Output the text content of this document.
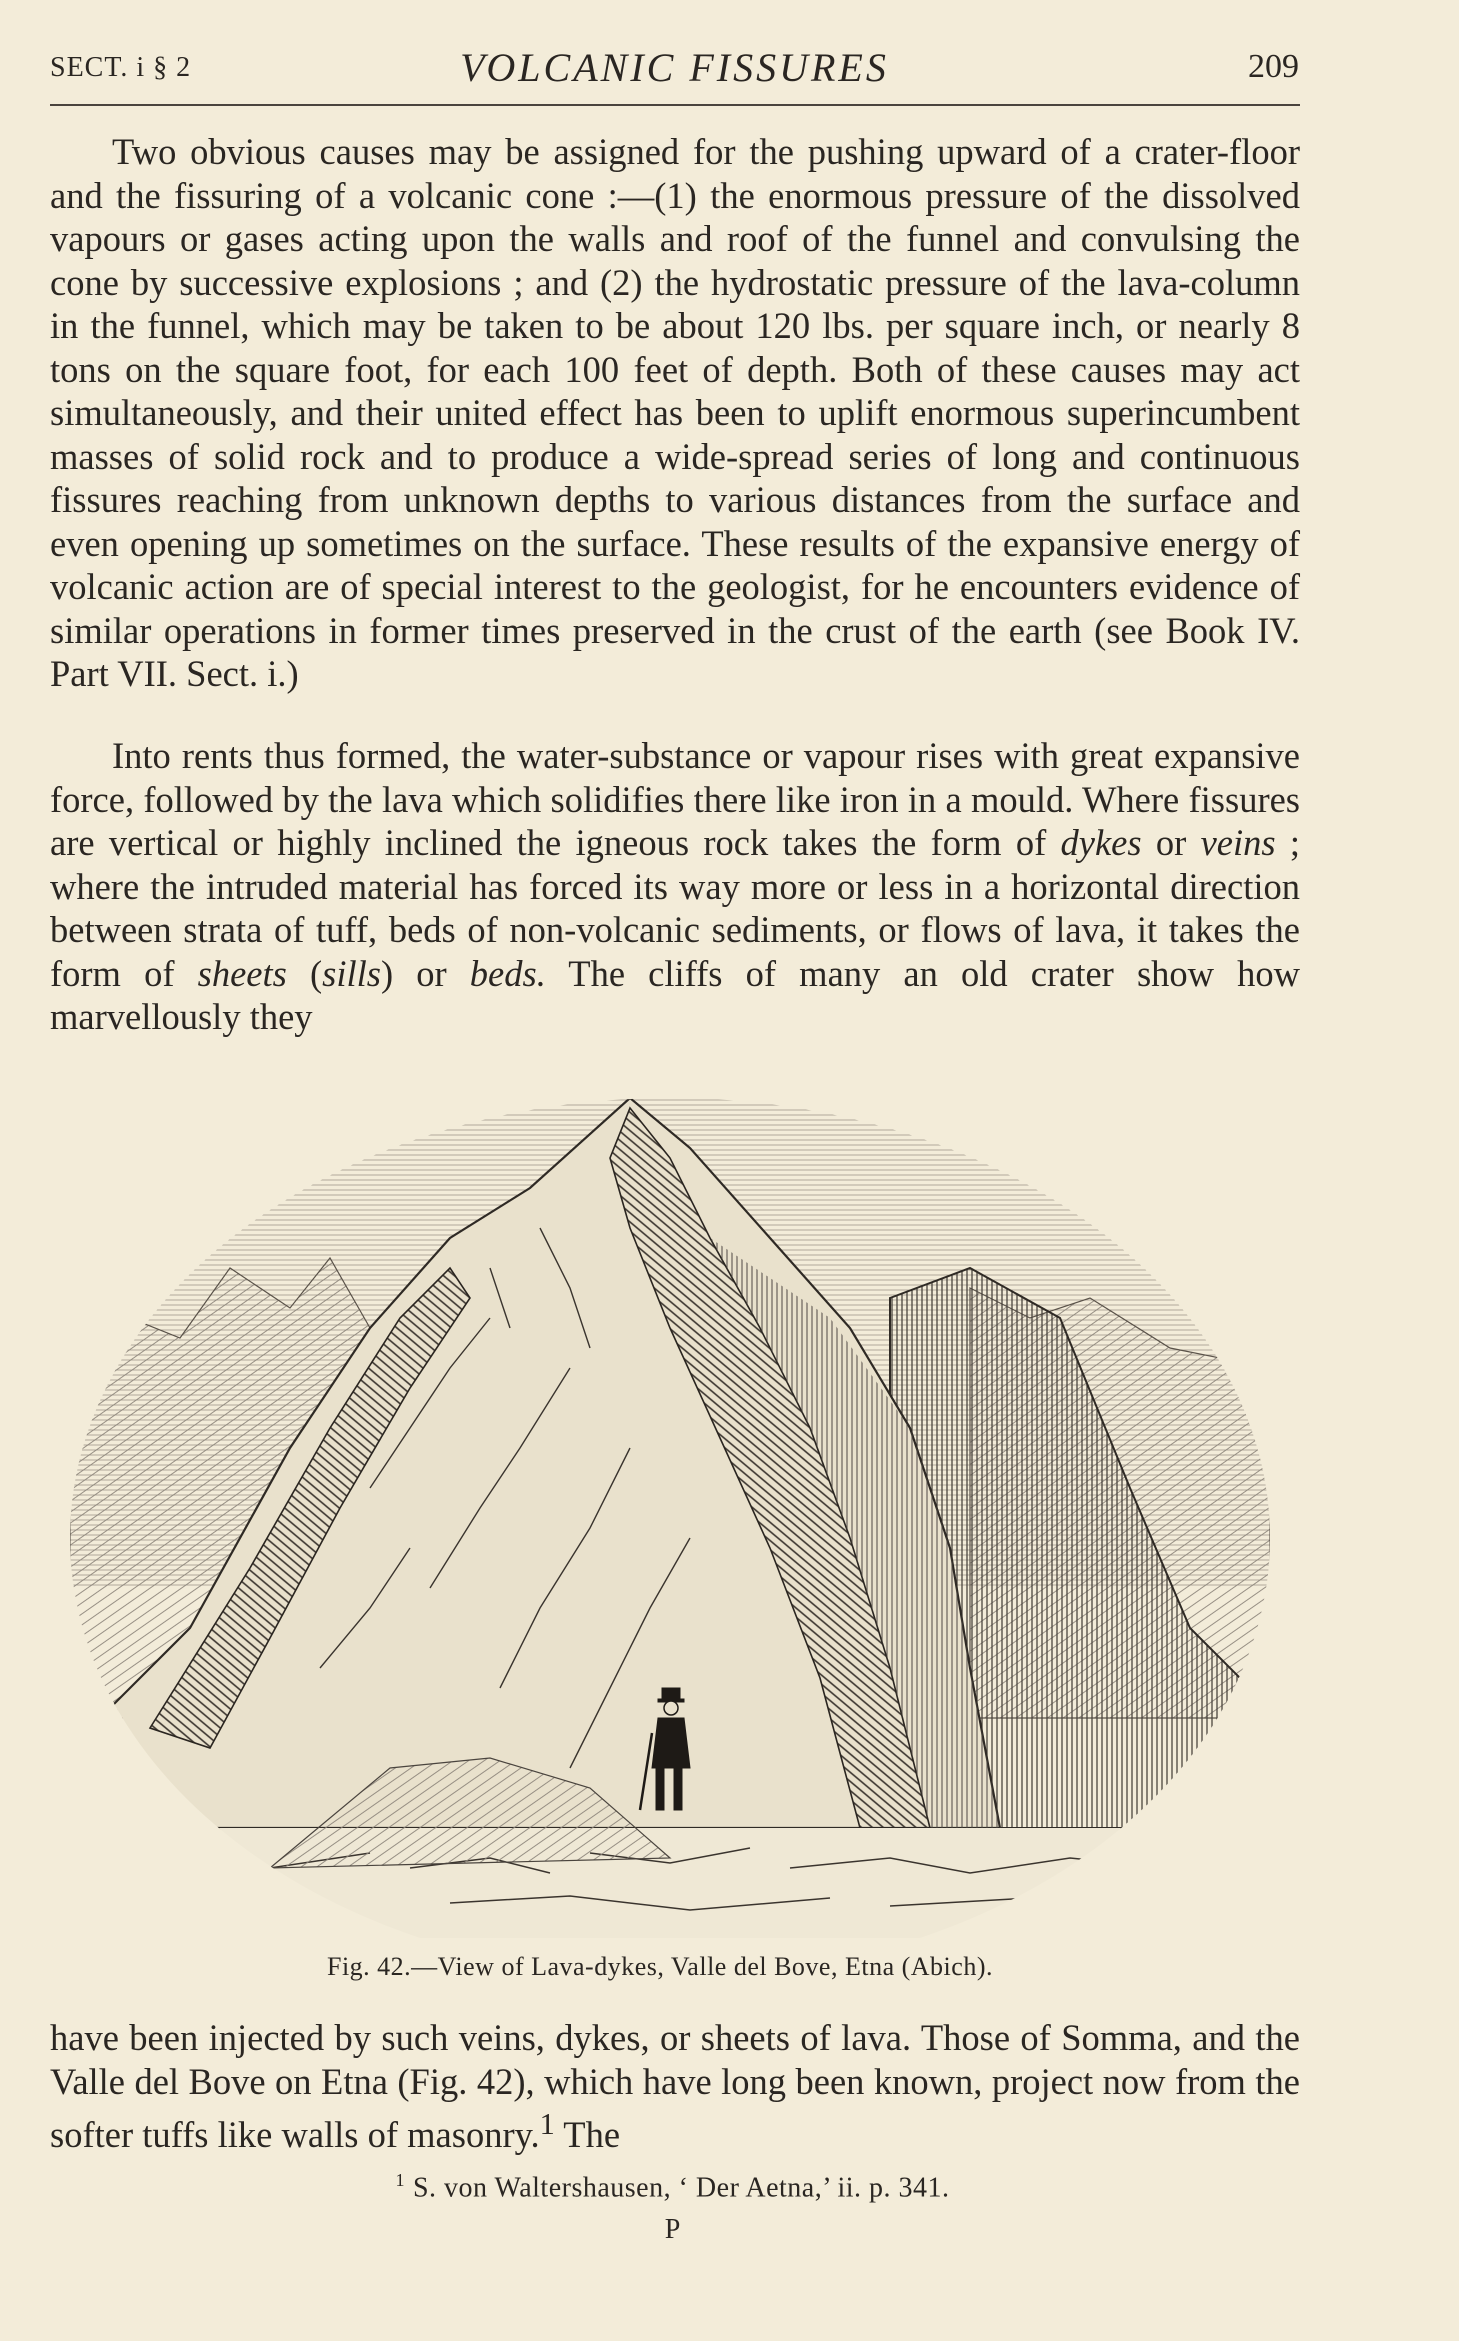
SECT. i § 2	VOLCANIC FISSURES	209

Two obvious causes may be assigned for the pushing upward of a crater-floor and the fissuring of a volcanic cone :—(1) the enormous pressure of the dissolved vapours or gases acting upon the walls and roof of the funnel and convulsing the cone by successive explosions ; and (2) the hydrostatic pressure of the lava-column in the funnel, which may be taken to be about 120 lbs. per square inch, or nearly 8 tons on the square foot, for each 100 feet of depth. Both of these causes may act simultaneously, and their united effect has been to uplift enormous superincumbent masses of solid rock and to produce a wide-spread series of long and continuous fissures reaching from unknown depths to various distances from the surface and even opening up sometimes on the surface. These results of the expansive energy of volcanic action are of special interest to the geologist, for he encounters evidence of similar operations in former times preserved in the crust of the earth (see Book IV. Part VII. Sect. i.)

Into rents thus formed, the water-substance or vapour rises with great expansive force, followed by the lava which solidifies there like iron in a mould. Where fissures are vertical or highly inclined the igneous rock takes the form of dykes or veins ; where the intruded material has forced its way more or less in a horizontal direction between strata of tuff, beds of non-volcanic sediments, or flows of lava, it takes the form of sheets (sills) or beds. The cliffs of many an old crater show how marvellously they

Fig. 42.—View of Lava-dykes, Valle del Bove, Etna (Abich).

have been injected by such veins, dykes, or sheets of lava. Those of Somma, and the Valle del Bove on Etna (Fig. 42), which have long been known, project now from the softer tuffs like walls of masonry.$^1$ The

$^1$ S. von Waltershausen, ‘ Der Aetna,’ ii. p. 341.
P
